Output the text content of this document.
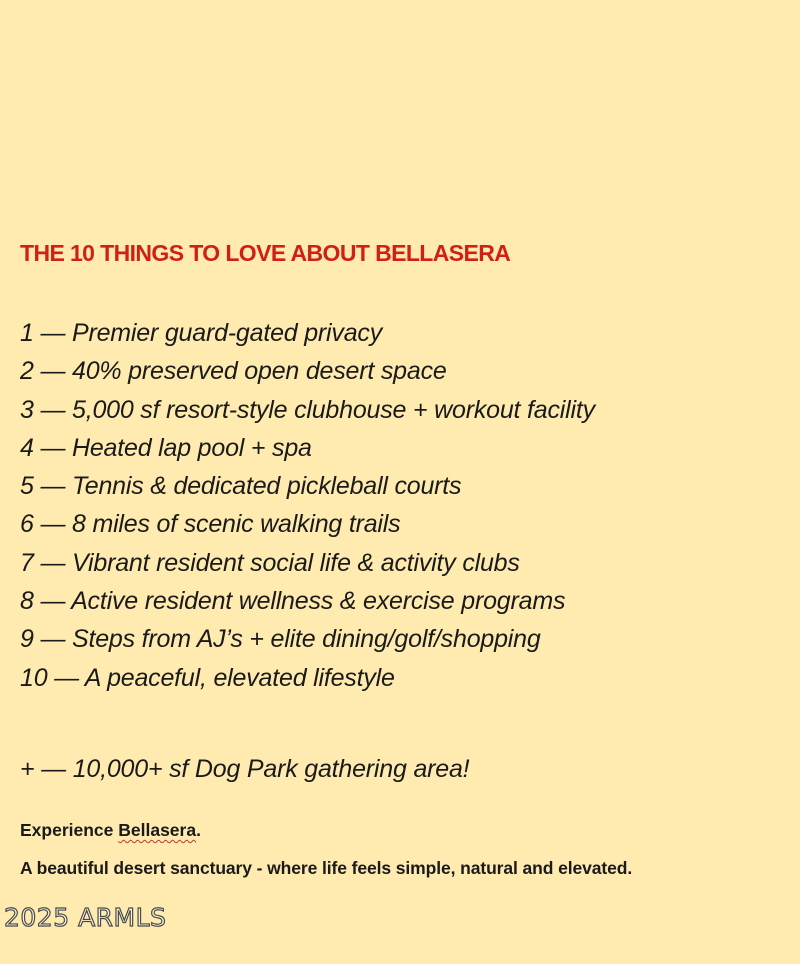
THE 10 THINGS TO LOVE ABOUT BELLASERA
1 — Premier guard-gated privacy
2 — 40% preserved open desert space
3 — 5,000 sf resort-style clubhouse + workout facility
4 — Heated lap pool + spa
5 — Tennis & dedicated pickleball courts
6 — 8 miles of scenic walking trails
7 — Vibrant resident social life & activity clubs
8 — Active resident wellness & exercise programs
9 — Steps from AJ’s + elite dining/golf/shopping
10 — A peaceful, elevated lifestyle
+ — 10,000+ sf Dog Park gathering area!
Experience Bellasera.
A beautiful desert sanctuary - where life feels simple, natural and elevated.
2025 ARMLS
